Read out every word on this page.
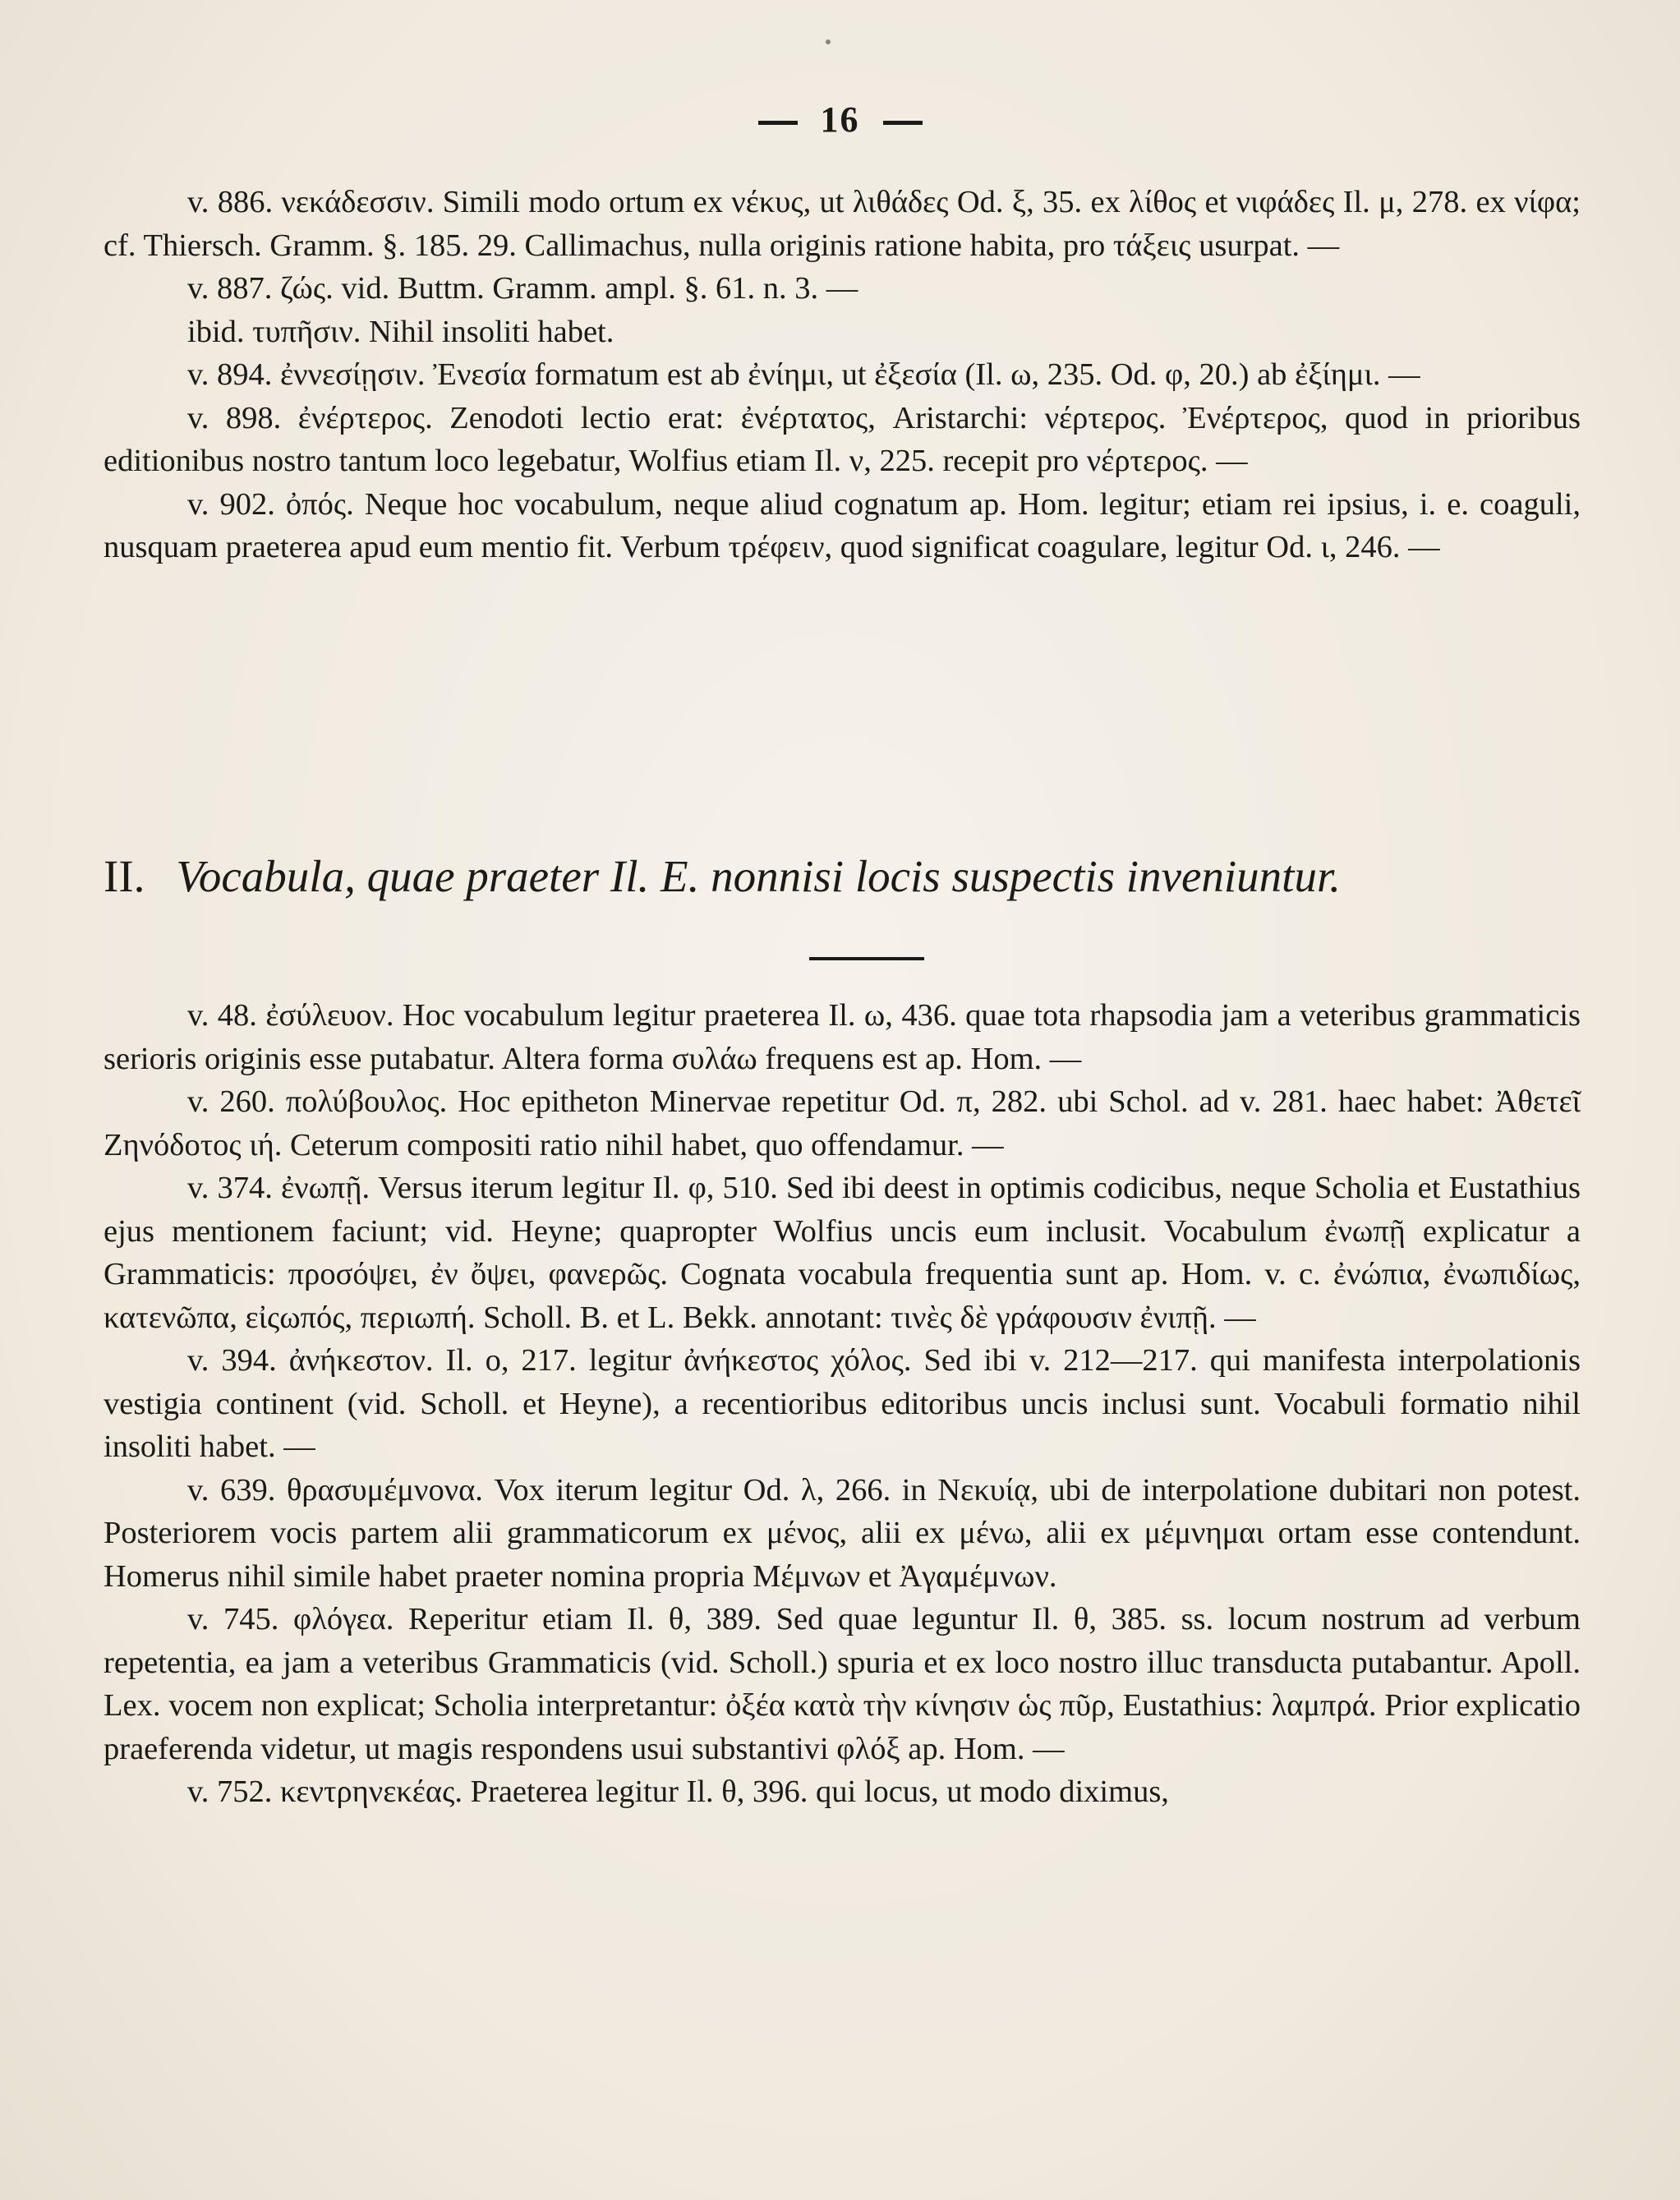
16

v. 886. νεκάδεσσιν. Simili modo ortum ex νέκυς, ut λιθάδες Od. ξ, 35. ex λίθος et νιφάδες Il. μ, 278. ex νίφα; cf. Thiersch. Gramm. §. 185. 29. Callimachus, nulla originis ratione habita, pro τάξεις usurpat. —

v. 887. ζώς. vid. Buttm. Gramm. ampl. §. 61. n. 3. —

ibid. τυπῆσιν. Nihil insoliti habet.

v. 894. ἐννεσίῃσιν. Ἐνεσία formatum est ab ἐνίημι, ut ἐξεσία (Il. ω, 235. Od. φ, 20.) ab ἐξίημι. —

v. 898. ἐνέρτερος. Zenodoti lectio erat: ἐνέρτατος, Aristarchi: νέρτερος. Ἐνέρτερος, quod in prioribus editionibus nostro tantum loco legebatur, Wolfius etiam Il. ν, 225. recepit pro νέρτερος. —

v. 902. ὀπός. Neque hoc vocabulum, neque aliud cognatum ap. Hom. legitur; etiam rei ipsius, i. e. coaguli, nusquam praeterea apud eum mentio fit. Verbum τρέφειν, quod significat coagulare, legitur Od. ι, 246. —

II. Vocabula, quae praeter Il. E. nonnisi locis suspectis inveniuntur.

v. 48. ἐσύλευον. Hoc vocabulum legitur praeterea Il. ω, 436. quae tota rhapsodia jam a veteribus grammaticis serioris originis esse putabatur. Altera forma συλάω frequens est ap. Hom. —

v. 260. πολύβουλος. Hoc epitheton Minervae repetitur Od. π, 282. ubi Schol. ad v. 281. haec habet: Ἀθετεῖ Ζηνόδοτος ιή. Ceterum compositi ratio nihil habet, quo offendamur. —

v. 374. ἐνωπῇ. Versus iterum legitur Il. φ, 510. Sed ibi deest in optimis codicibus, neque Scholia et Eustathius ejus mentionem faciunt; vid. Heyne; quapropter Wolfius uncis eum inclusit. Vocabulum ἐνωπῇ explicatur a Grammaticis: προσόψει, ἐν ὄψει, φανερῶς. Cognata vocabula frequentia sunt ap. Hom. v. c. ἐνώπια, ἐνωπιδίως, κατενῶπα, εἰςωπός, περιωπή. Scholl. B. et L. Bekk. annotant: τινὲς δὲ γράφουσιν ἐνιπῇ. —

v. 394. ἀνήκεστον. Il. ο, 217. legitur ἀνήκεστος χόλος. Sed ibi v. 212—217. qui manifesta interpolationis vestigia continent (vid. Scholl. et Heyne), a recentioribus editoribus uncis inclusi sunt. Vocabuli formatio nihil insoliti habet. —

v. 639. θρασυμέμνονα. Vox iterum legitur Od. λ, 266. in Νεκυίᾳ, ubi de interpolatione dubitari non potest. Posteriorem vocis partem alii grammaticorum ex μένος, alii ex μένω, alii ex μέμνημαι ortam esse contendunt. Homerus nihil simile habet praeter nomina propria Μέμνων et Ἀγαμέμνων.

v. 745. φλόγεα. Reperitur etiam Il. θ, 389. Sed quae leguntur Il. θ, 385. ss. locum nostrum ad verbum repetentia, ea jam a veteribus Grammaticis (vid. Scholl.) spuria et ex loco nostro illuc transducta putabantur. Apoll. Lex. vocem non explicat; Scholia interpretantur: ὀξέα κατὰ τὴν κίνησιν ὡς πῦρ, Eustathius: λαμπρά. Prior explicatio praeferenda videtur, ut magis respondens usui substantivi φλόξ ap. Hom. —

v. 752. κεντρηνεκέας. Praeterea legitur Il. θ, 396. qui locus, ut modo diximus,
